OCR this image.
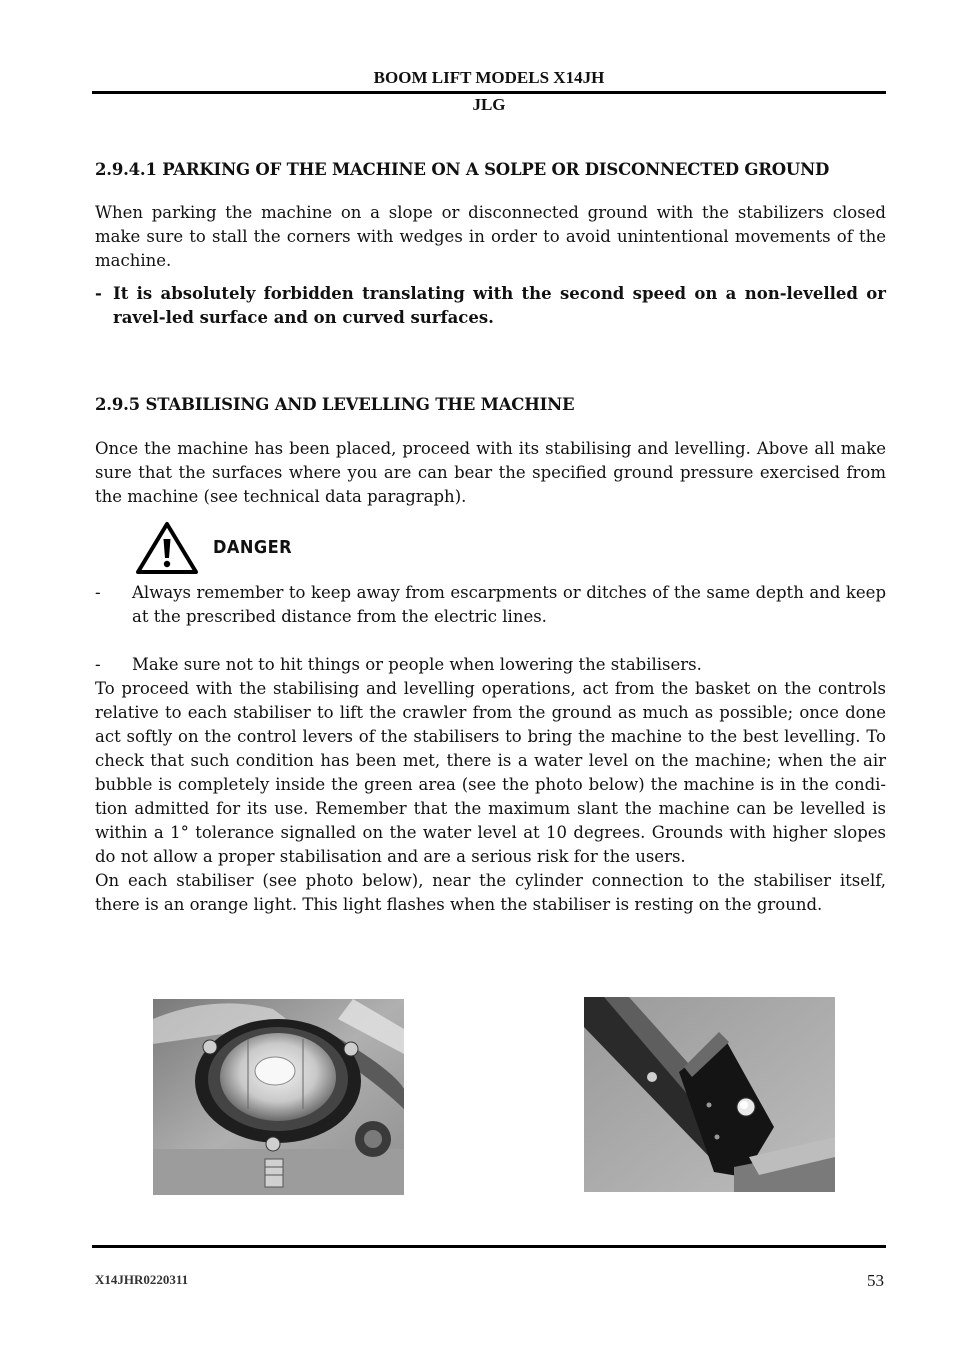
BOOM LIFT MODELS X14JH
JLG
2.9.4.1 PARKING OF THE MACHINE ON A SOLPE OR DISCONNECTED GROUND

When parking the machine on a slope or disconnected ground with the stabilizers closed make sure to stall the corners with wedges in order to avoid unintentional movements of the machine.

- It is absolutely forbidden translating with the second speed on a non-levelled or ravel-led surface and on curved surfaces.
2.9.5 STABILISING AND LEVELLING THE MACHINE

Once the machine has been placed, proceed with its stabilising and levelling. Above all make sure that the surfaces where you are can bear the specified ground pressure exercised from the machine (see technical data paragraph).

DANGER
-	Always remember to keep away from escarpments or ditches of the same depth and keep at the prescribed distance from the electric lines.
-	Make sure not to hit things or people when lowering the stabilisers.

To proceed with the stabilising and levelling operations, act from the basket on the controls relative to each stabiliser to lift the crawler from the ground as much as possible; once done act softly on the control levers of the stabilisers to bring the machine to the best levelling. To check that such condition has been met, there is a water level on the machine; when the air bubble is completely inside the green area (see the photo below) the machine is in the condi-tion admitted for its use. Remember that the maximum slant the machine can be levelled is within a 1° tolerance signalled on the water level at 10 degrees. Grounds with higher slopes do not allow a proper stabilisation and are a serious risk for the users.

On each stabiliser (see photo below), near the cylinder connection to the stabiliser itself, there is an orange light. This light flashes when the stabiliser is resting on the ground.

X14JHR0220311	53
